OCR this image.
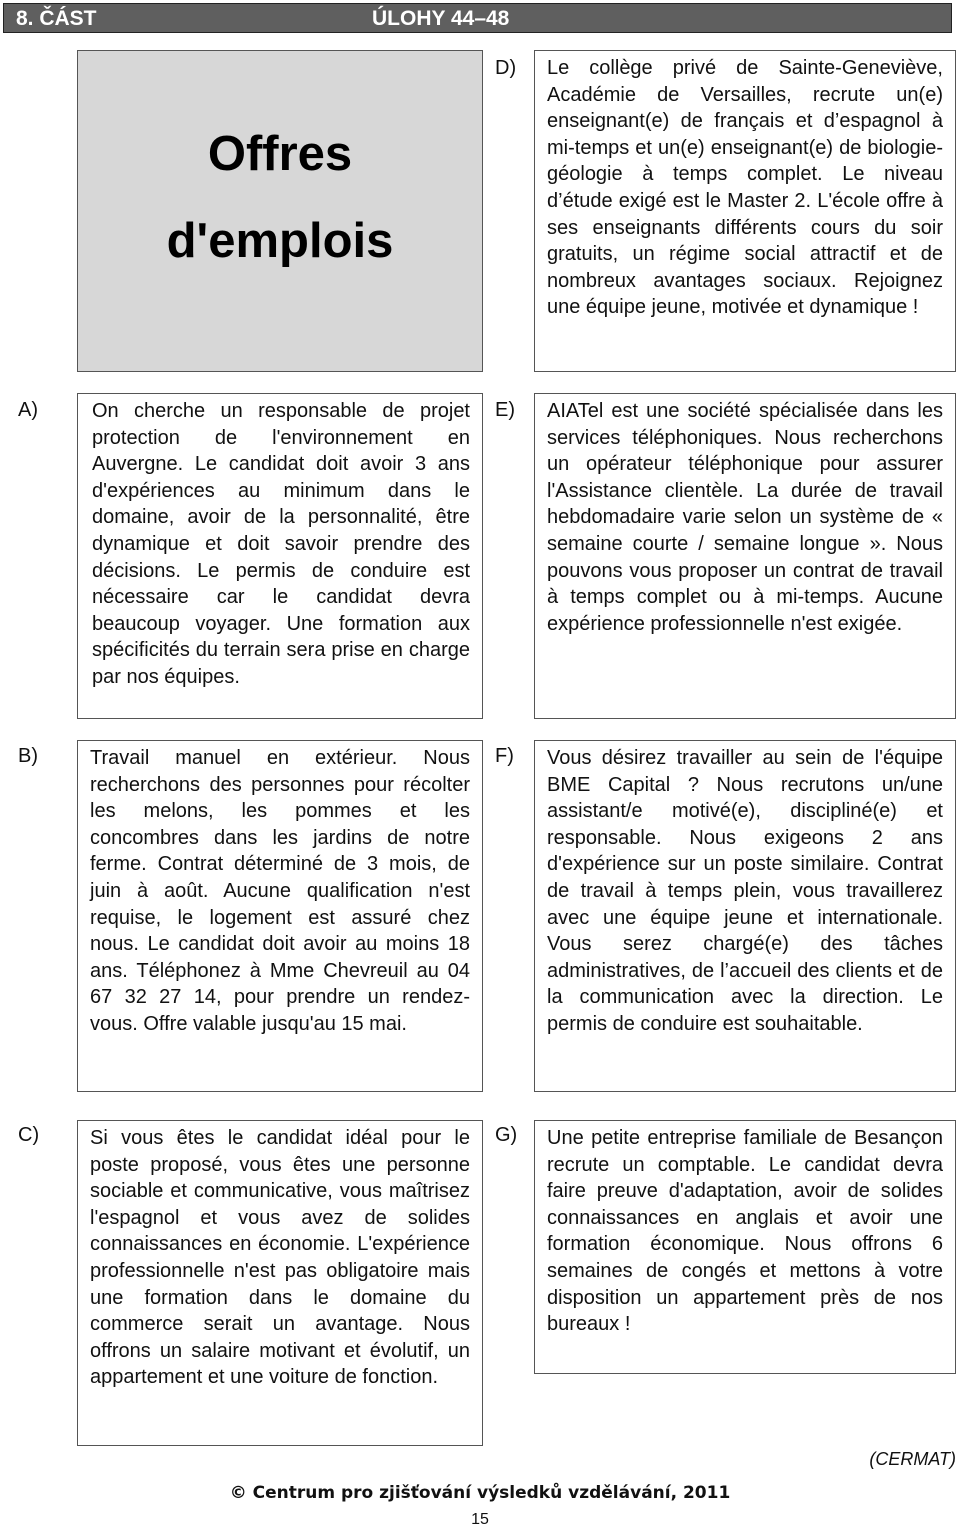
8. ČÁST	ÚLOHY 44–48
Offres
d'emplois
A)	On cherche un responsable de projet protection de l'environnement en Auvergne. Le candidat doit avoir 3 ans d'expériences au minimum dans le domaine, avoir de la personnalité, être dynamique et doit savoir prendre des décisions. Le permis de conduire est nécessaire car le candidat devra beaucoup voyager. Une formation aux spécificités du terrain sera prise en charge par nos équipes.

B)	Travail manuel en extérieur. Nous recherchons des personnes pour récolter les melons, les pommes et les concombres dans les jardins de notre ferme. Contrat déterminé de 3 mois, de juin à août. Aucune qualification n'est requise, le logement est assuré chez nous. Le candidat doit avoir au moins 18 ans. Téléphonez à Mme Chevreuil au 04 67 32 27 14, pour prendre un rendez-vous. Offre valable jusqu'au 15 mai.

C)	Si vous êtes le candidat idéal pour le poste proposé, vous êtes une personne sociable et communicative, vous maîtrisez l'espagnol et vous avez de solides connaissances en économie. L'expérience professionnelle n'est pas obligatoire mais une formation dans le domaine du commerce serait un avantage. Nous offrons un salaire motivant et évolutif, un appartement et une voiture de fonction.

D) Le collège privé de Sainte-Geneviève, Académie de Versailles, recrute un(e) enseignant(e) de français et d’espagnol à mi-temps et un(e) enseignant(e) de biologie-géologie à temps complet. Le niveau d’étude exigé est le Master 2. L'école offre à ses enseignants différents cours du soir gratuits, un régime social attractif et de nombreux avantages sociaux. Rejoignez une équipe jeune, motivée et dynamique !

E) AIATel est une société spécialisée dans les services téléphoniques. Nous recherchons un opérateur téléphonique pour assurer l'Assistance clientèle. La durée de travail hebdomadaire varie selon un système de « semaine courte / semaine longue ». Nous pouvons vous proposer un contrat de travail à temps complet ou à mi-temps. Aucune expérience professionnelle n'est exigée.

F) Vous désirez travailler au sein de l'équipe BME Capital ? Nous recrutons un/une assistant/e motivé(e), discipliné(e) et responsable. Nous exigeons 2 ans d'expérience sur un poste similaire. Contrat de travail à temps plein, vous travaillerez avec une équipe jeune et internationale. Vous serez chargé(e) des tâches administratives, de l’accueil des clients et de la communication avec la direction. Le permis de conduire est souhaitable.

G) Une petite entreprise familiale de Besançon recrute un comptable. Le candidat devra faire preuve d'adaptation, avoir de solides connaissances en anglais et avoir une formation économique. Nous offrons 6 semaines de congés et mettons à votre disposition un appartement près de nos bureaux !

(CERMAT)
© Centrum pro zjišťování výsledků vzdělávání, 2011
15
